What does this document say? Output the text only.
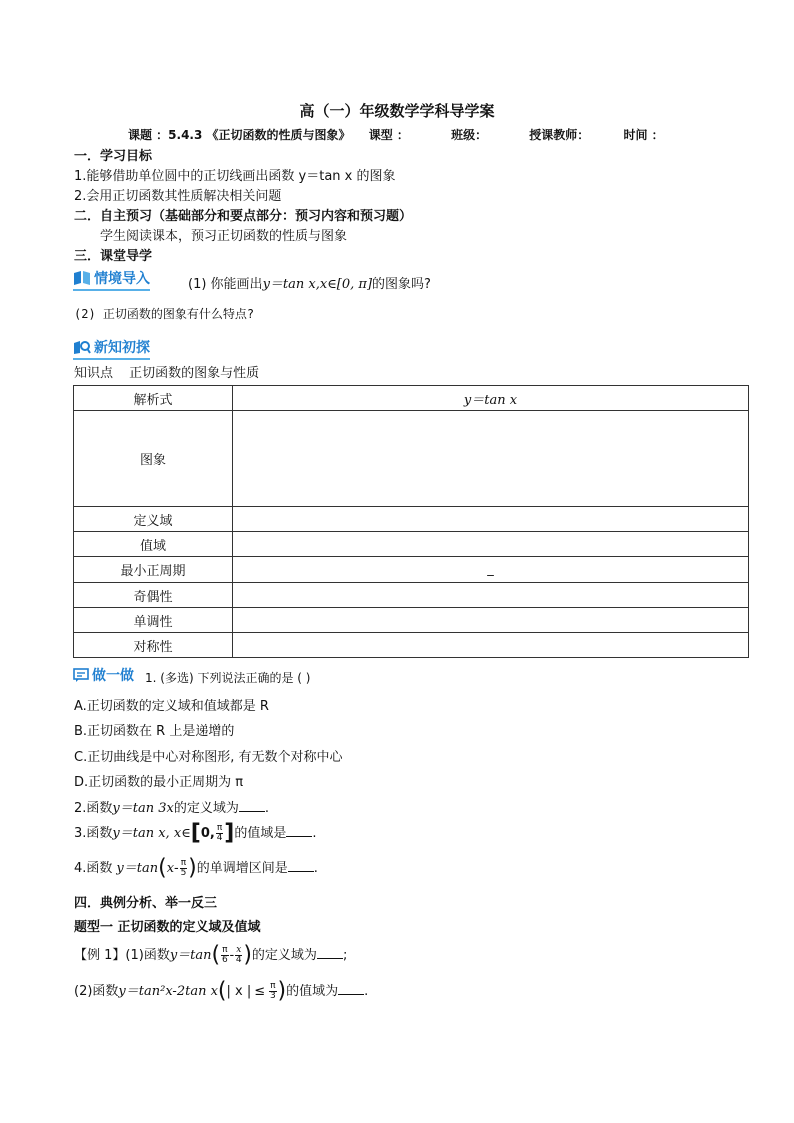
高（一）年级数学学科导学案
课题 ：5.4.3 《正切函数的性质与图象》 课型 ：	班级：	授课教师：	时间 ：
一．学习目标
1.能够借助单位圆中的正切线画出函数 y＝tan x 的图象
2.会用正切函数其性质解决相关问题
二．自主预习（基础部分和要点部分：预习内容和预习题）
学生阅读课本，预习正切函数的性质与图象
三．课堂导学
情境导入	(1) 你能画出y＝tan x,x∈[0, π]的图象吗?
(2) 正切函数的图象有什么特点?
新知初探
知识点 正切函数的图象与性质
解析式	y＝tan x
图象	
定义域	
值域	
最小正周期	_
奇偶性	
单调性	
对称性	
做一做 1. (多选) 下列说法正确的是 ( )
A.正切函数的定义域和值域都是 R
B.正切函数在 R 上是递增的
C.正切曲线是中心对称图形, 有无数个对称中心
D.正切函数的最小正周期为 π
2.函数y＝tan 3x的定义域为 .
3.函数y＝tan x, x∈[0, $\frac{\pi}{4}$ ]的值域是 .
4.函数 $y=\tan(x- \frac{\pi}{5}$ )的单调增区间是 .
四．典例分析、举一反三
题型一 正切函数的定义域及值域
【例 1】(1)函数$y=\tan( \frac{\pi}{6} - \frac{x}{4}$ )的定义域为 ;
(2)函数y＝tan²x-2tan x(| x | ≤ $\frac{\pi}{3}$ )的值域为 .
